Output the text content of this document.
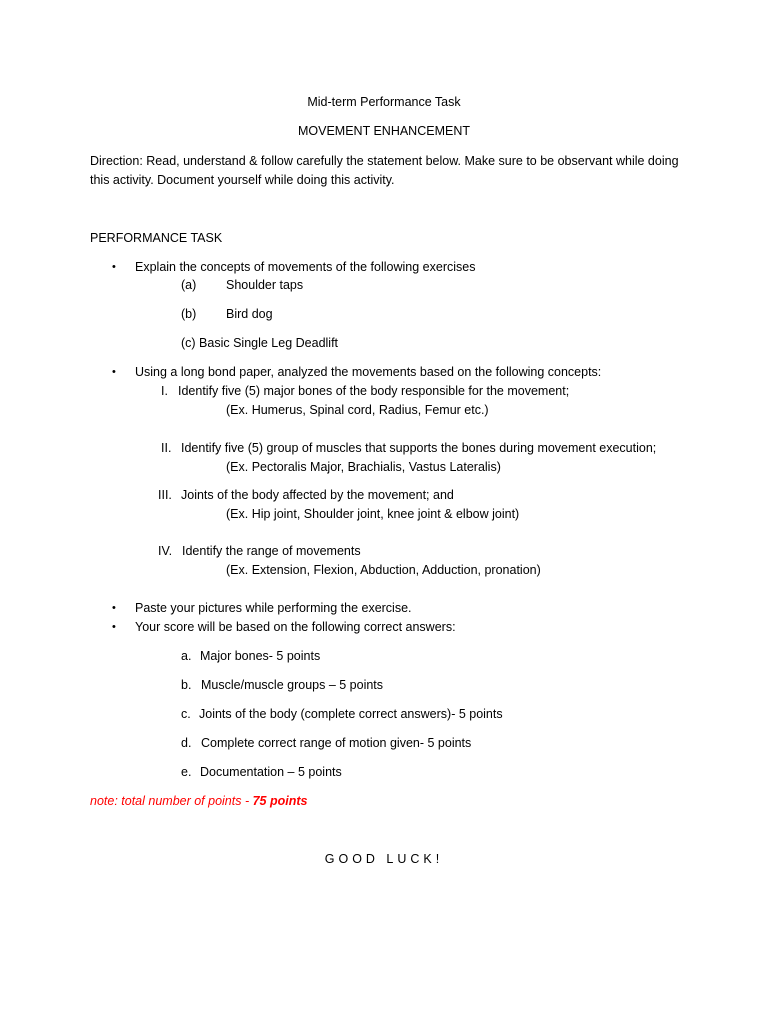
Mid-term Performance Task
MOVEMENT ENHANCEMENT
Direction: Read, understand & follow carefully the statement below. Make sure to be observant while doing this activity. Document yourself while doing this activity.
PERFORMANCE TASK
• Explain the concepts of movements of the following exercises
(a) Shoulder taps
(b) Bird dog
(c) Basic Single Leg Deadlift
• Using a long bond paper, analyzed the movements based on the following concepts:
I. Identify five (5) major bones of the body responsible for the movement;
(Ex. Humerus, Spinal cord, Radius, Femur etc.)
II. Identify five (5) group of muscles that supports the bones during movement execution;
(Ex. Pectoralis Major, Brachialis, Vastus Lateralis)
III. Joints of the body affected by the movement; and
(Ex. Hip joint, Shoulder joint, knee joint & elbow joint)
IV. Identify the range of movements
(Ex. Extension, Flexion, Abduction, Adduction, pronation)
• Paste your pictures while performing the exercise.
• Your score will be based on the following correct answers:
a. Major bones- 5 points
b. Muscle/muscle groups – 5 points
c. Joints of the body (complete correct answers)- 5 points
d. Complete correct range of motion given- 5 points
e. Documentation – 5 points
note: total number of points - 75 points
GOOD LUCK!
